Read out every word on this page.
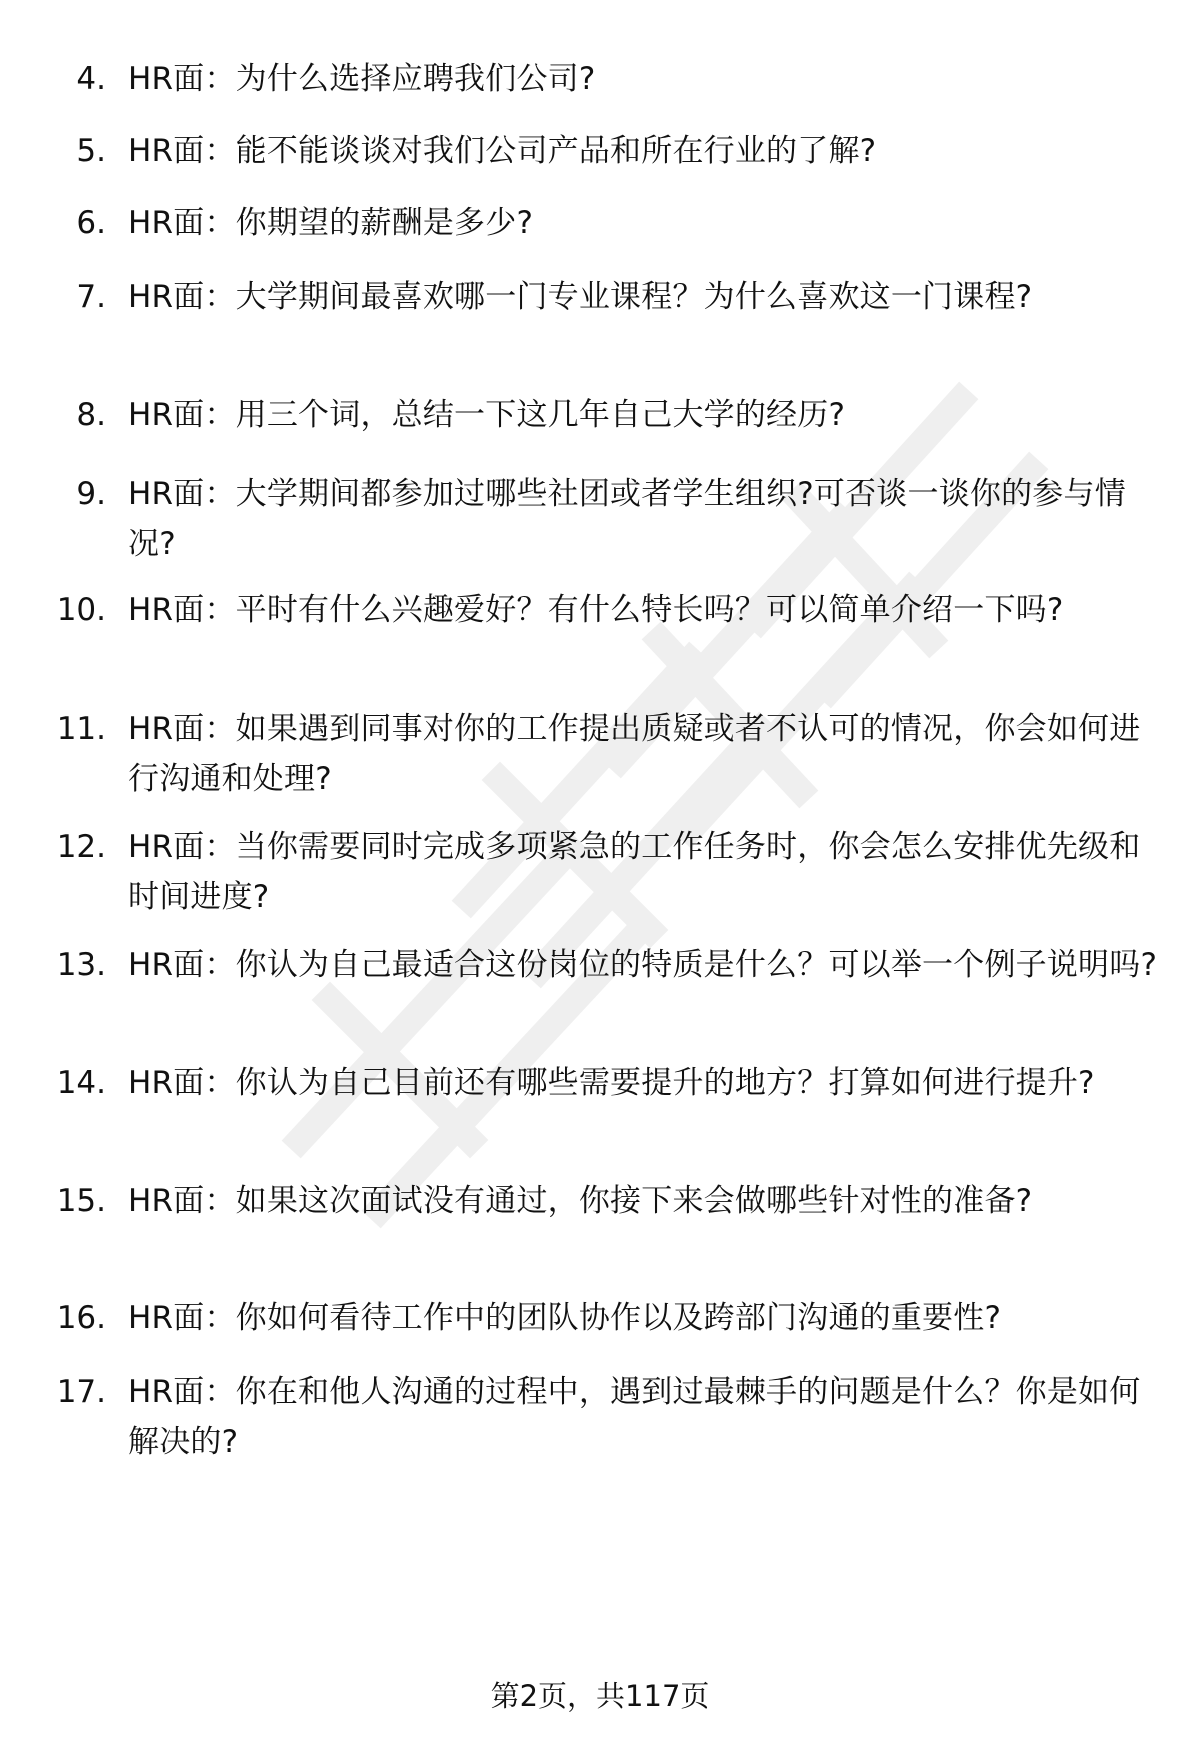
4. HR面：为什么选择应聘我们公司?
5. HR面：能不能谈谈对我们公司产品和所在行业的了解?
6. HR面：你期望的薪酬是多少?
7. HR面：大学期间最喜欢哪一门专业课程？为什么喜欢这一门课程?
8. HR面：用三个词，总结一下这几年自己大学的经历?
9. HR面：大学期间都参加过哪些社团或者学生组织?可否谈一谈你的参与情况?
10. HR面：平时有什么兴趣爱好？有什么特长吗？可以简单介绍一下吗?
11. HR面：如果遇到同事对你的工作提出质疑或者不认可的情况，你会如何进行沟通和处理?
12. HR面：当你需要同时完成多项紧急的工作任务时，你会怎么安排优先级和时间进度?
13. HR面：你认为自己最适合这份岗位的特质是什么？可以举一个例子说明吗?
14. HR面：你认为自己目前还有哪些需要提升的地方？打算如何进行提升?
15. HR面：如果这次面试没有通过，你接下来会做哪些针对性的准备?
16. HR面：你如何看待工作中的团队协作以及跨部门沟通的重要性?
17. HR面：你在和他人沟通的过程中，遇到过最棘手的问题是什么？你是如何解决的?
第2页，共117页
